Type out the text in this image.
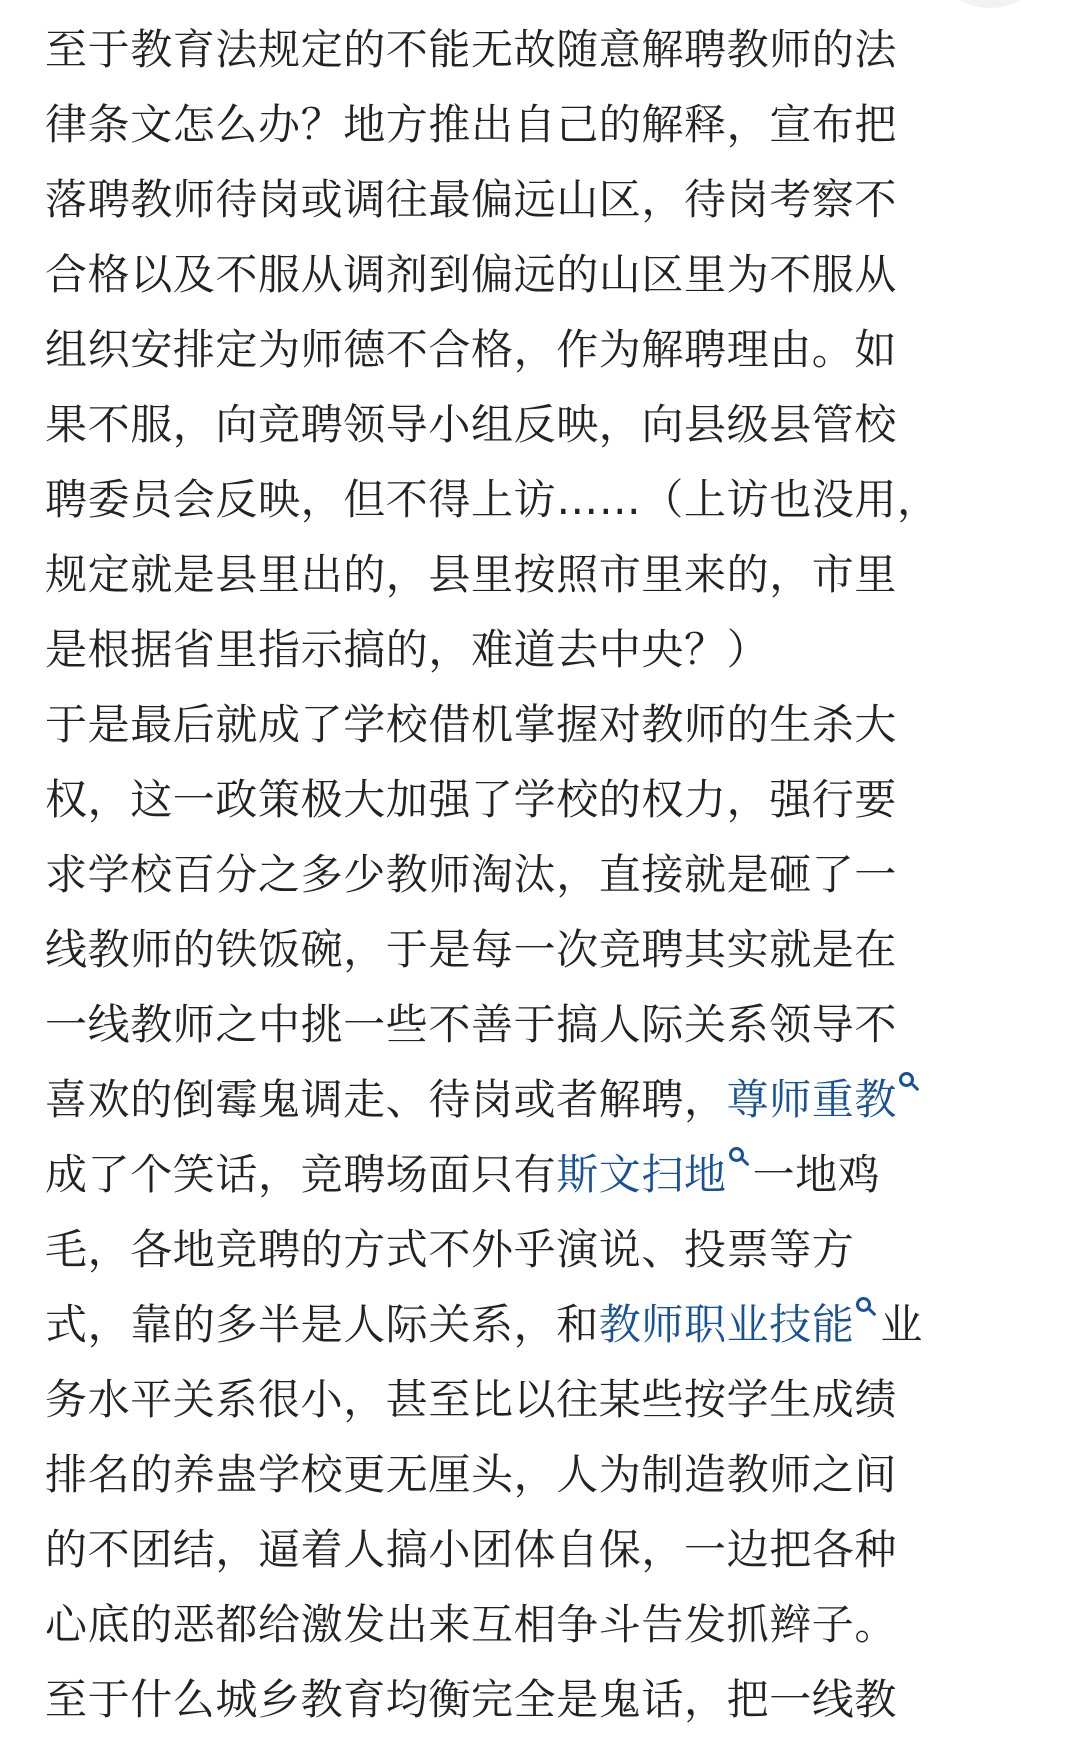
至于教育法规定的不能无故随意解聘教师的法
律条文怎么办？地方推出自己的解释，宣布把
落聘教师待岗或调往最偏远山区，待岗考察不
合格以及不服从调剂到偏远的山区里为不服从
组织安排定为师德不合格，作为解聘理由。如
果不服，向竞聘领导小组反映，向县级县管校
聘委员会反映，但不得上访……（上访也没用，
规定就是县里出的，县里按照市里来的，市里
是根据省里指示搞的，难道去中央？）
于是最后就成了学校借机掌握对教师的生杀大
权，这一政策极大加强了学校的权力，强行要
求学校百分之多少教师淘汰，直接就是砸了一
线教师的铁饭碗，于是每一次竞聘其实就是在
一线教师之中挑一些不善于搞人际关系领导不
喜欢的倒霉鬼调走、待岗或者解聘，尊师重教
成了个笑话，竞聘场面只有斯文扫地 一地鸡
毛，各地竞聘的方式不外乎演说、投票等方
式，靠的多半是人际关系，和教师职业技能 业
务水平关系很小，甚至比以往某些按学生成绩
排名的养蛊学校更无厘头，人为制造教师之间
的不团结，逼着人搞小团体自保，一边把各种
心底的恶都给激发出来互相争斗告发抓辫子。
至于什么城乡教育均衡完全是鬼话，把一线教
